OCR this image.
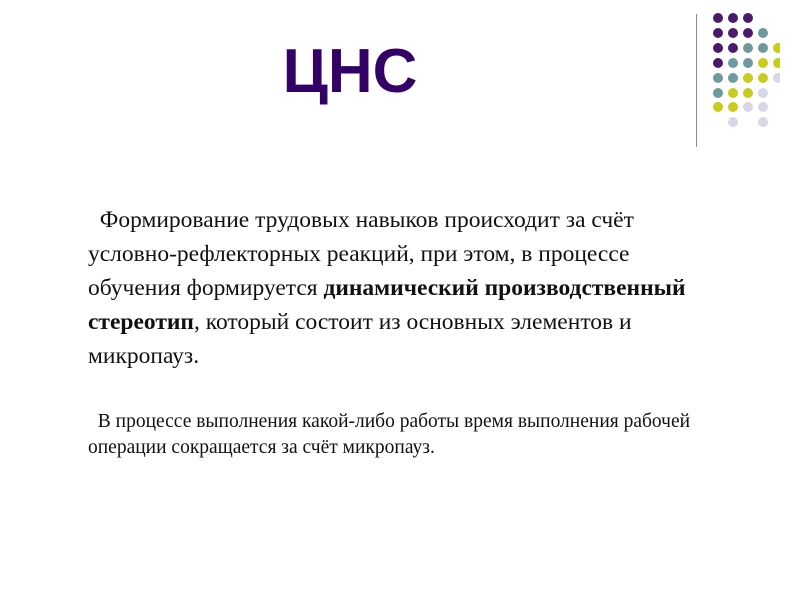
ЦНС

Формирование трудовых навыков происходит за счёт условно-рефлекторных реакций, при этом, в процессе обучения формируется динамический производственный стереотип, который состоит из основных элементов и микропауз.

В процессе выполнения какой-либо работы время выполнения рабочей операции сокращается за счёт микропауз.
